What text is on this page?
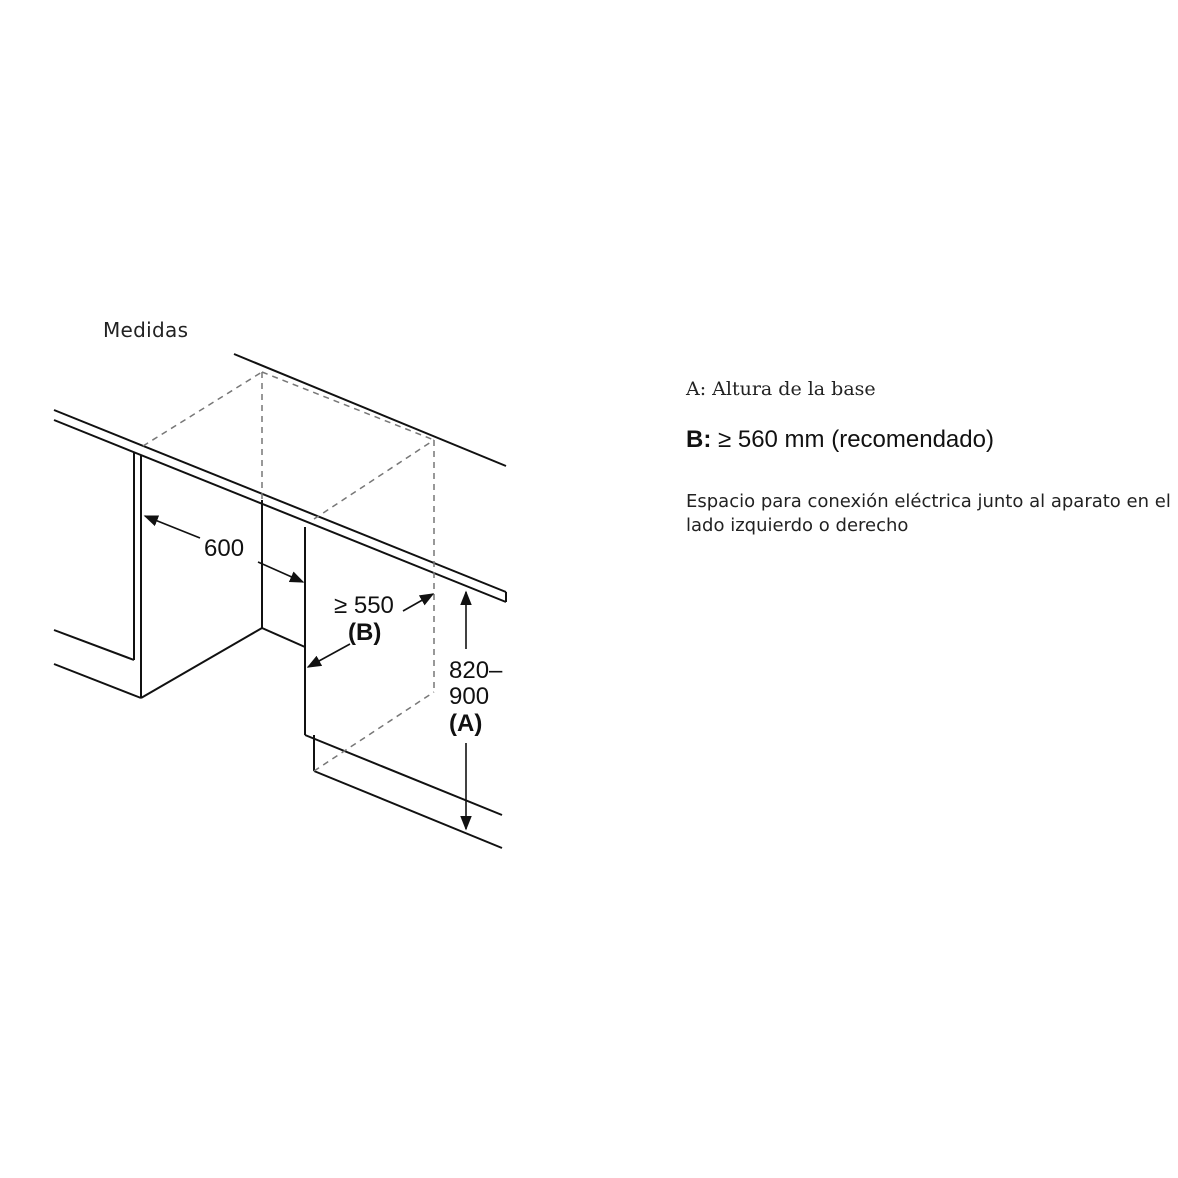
Medidas
600
≥ 550
(B)
820–
900
(A)

A: Altura de la base

B: ≥ 560 mm (recomendado)

Espacio para conexión eléctrica junto al aparato en el lado izquierdo o derecho
